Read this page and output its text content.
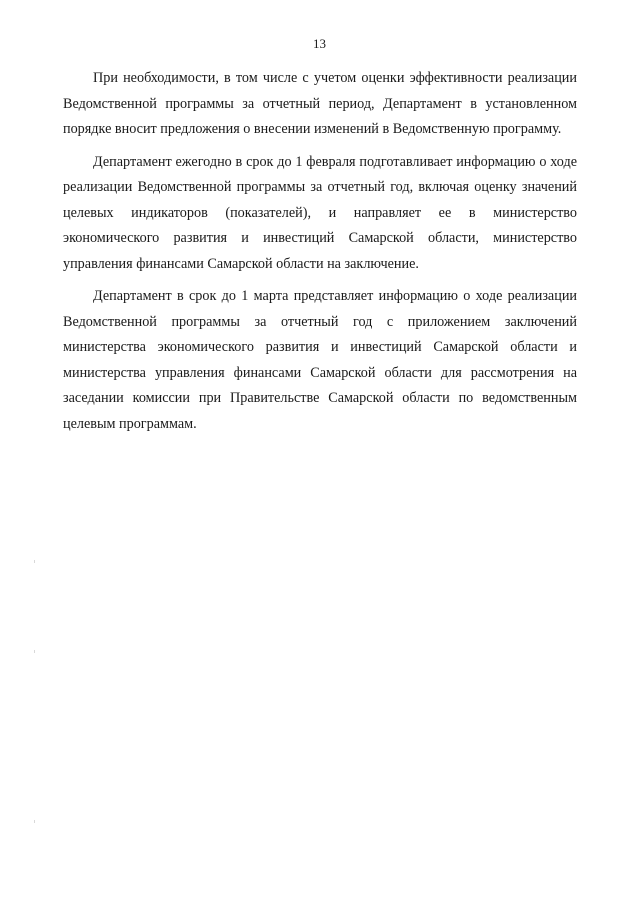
13

При необходимости, в том числе с учетом оценки эффективности реализации Ведомственной программы за отчетный период, Департамент в установленном порядке вносит предложения о внесении изменений в Ведомственную программу.

Департамент ежегодно в срок до 1 февраля подготавливает информацию о ходе реализации Ведомственной программы за отчетный год, включая оценку значений целевых индикаторов (показателей), и направляет ее в министерство экономического развития и инвестиций Самарской области, министерство управления финансами Самарской области на заключение.

Департамент в срок до 1 марта представляет информацию о ходе реализации Ведомственной программы за отчетный год с приложением заключений министерства экономического развития и инвестиций Самарской области и министерства управления финансами Самарской области для рассмотрения на заседании комиссии при Правительстве Самарской области по ведомственным целевым программам.
